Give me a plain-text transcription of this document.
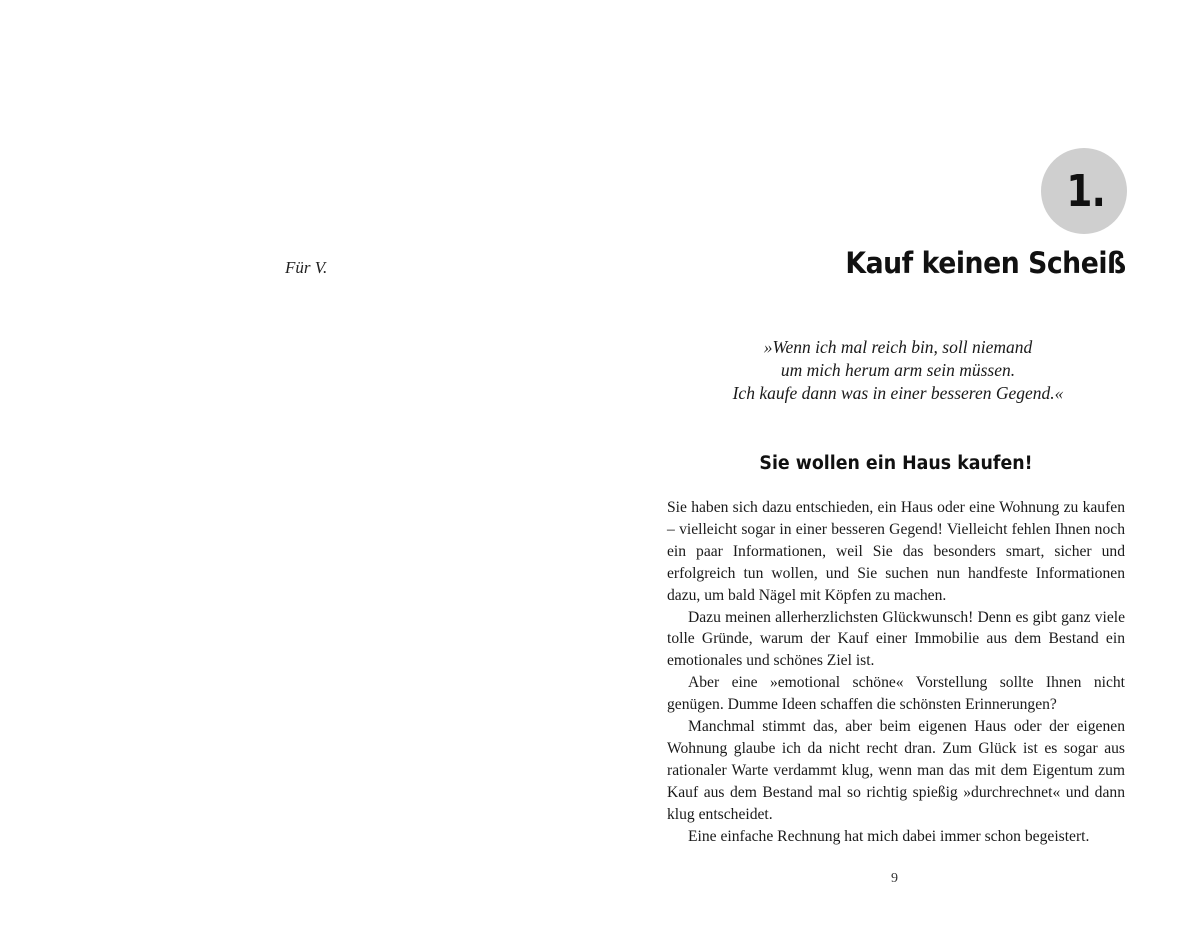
Für V.
1.
Kauf keinen Scheiß
»Wenn ich mal reich bin, soll niemand
um mich herum arm sein müssen.
Ich kaufe dann was in einer besseren Gegend.«
Sie wollen ein Haus kaufen!

Sie haben sich dazu entschieden, ein Haus oder eine Wohnung zu kaufen – vielleicht sogar in einer besseren Gegend! Vielleicht fehlen Ihnen noch ein paar Informationen, weil Sie das besonders smart, sicher und erfolgreich tun wollen, und Sie suchen nun handfeste Informationen dazu, um bald Nägel mit Köpfen zu machen.

Dazu meinen allerherzlichsten Glückwunsch! Denn es gibt ganz viele tolle Gründe, warum der Kauf einer Immobilie aus dem Bestand ein emotionales und schönes Ziel ist.

Aber eine »emotional schöne« Vorstellung sollte Ihnen nicht genügen. Dumme Ideen schaffen die schönsten Erinnerungen?

Manchmal stimmt das, aber beim eigenen Haus oder der eigenen Wohnung glaube ich da nicht recht dran. Zum Glück ist es sogar aus rationaler Warte verdammt klug, wenn man das mit dem Eigentum zum Kauf aus dem Bestand mal so richtig spießig »durchrechnet« und dann klug entscheidet.

Eine einfache Rechnung hat mich dabei immer schon begeistert.

9
